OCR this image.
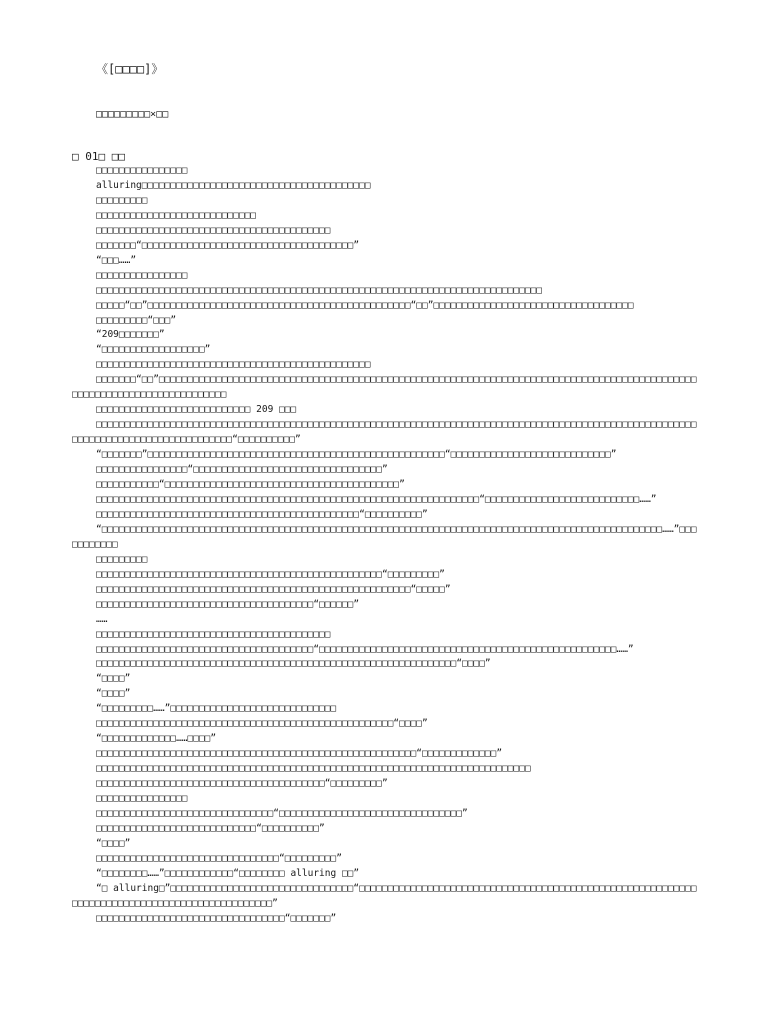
《[□□□□]》
□□□□□□□□□×□□
□ 01□ □□

□□□□□□□□□□□□□□□□

alluring□□□□□□□□□□□□□□□□□□□□□□□□□□□□□□□□□□□□□□□□

□□□□□□□□□

□□□□□□□□□□□□□□□□□□□□□□□□□□□□

□□□□□□□□□□□□□□□□□□□□□□□□□□□□□□□□□□□□□□□□□

□□□□□□□“□□□□□□□□□□□□□□□□□□□□□□□□□□□□□□□□□□□□□”

“□□□……”

□□□□□□□□□□□□□□□□

□□□□□□□□□□□□□□□□□□□□□□□□□□□□□□□□□□□□□□□□□□□□□□□□□□□□□□□□□□□□□□□□□□□□□□□□□□□□□□

□□□□□“□□”□□□□□□□□□□□□□□□□□□□□□□□□□□□□□□□□□□□□□□□□□□□□□□“□□”□□□□□□□□□□□□□□□□□□□□□□□□□□□□□□□□□□□

□□□□□□□□□“□□□”

“209□□□□□□□”

“□□□□□□□□□□□□□□□□□□”

□□□□□□□□□□□□□□□□□□□□□□□□□□□□□□□□□□□□□□□□□□□□□□□□

□□□□□□□“□□”□□□□□□□□□□□□□□□□□□□□□□□□□□□□□□□□□□□□□□□□□□□□□□□□□□□□□□□□□□□□□□□□□□□□□□□□□□□□□□□□□□□□□□□□□□□□□□□□□□□□□□□□□□□□□□□□□□□□□□□□□

□□□□□□□□□□□□□□□□□□□□□□□□□□□ 209 □□□

□□□□□□□□□□□□□□□□□□□□□□□□□□□□□□□□□□□□□□□□□□□□□□□□□□□□□□□□□□□□□□□□□□□□□□□□□□□□□□□□□□□□□□□□□□□□□□□□□□□□□□□□□□□□□□□□□□□□□□□□□□□□□□□□□□□□□“□□□□□□□□□□”

“□□□□□□□”□□□□□□□□□□□□□□□□□□□□□□□□□□□□□□□□□□□□□□□□□□□□□□□□□□□□“□□□□□□□□□□□□□□□□□□□□□□□□□□□□”

□□□□□□□□□□□□□□□□“□□□□□□□□□□□□□□□□□□□□□□□□□□□□□□□□□”

□□□□□□□□□□□“□□□□□□□□□□□□□□□□□□□□□□□□□□□□□□□□□□□□□□□□□”

□□□□□□□□□□□□□□□□□□□□□□□□□□□□□□□□□□□□□□□□□□□□□□□□□□□□□□□□□□□□□□□□□□□“□□□□□□□□□□□□□□□□□□□□□□□□□□□……”

□□□□□□□□□□□□□□□□□□□□□□□□□□□□□□□□□□□□□□□□□□□□□□“□□□□□□□□□□”

“□□□□□□□□□□□□□□□□□□□□□□□□□□□□□□□□□□□□□□□□□□□□□□□□□□□□□□□□□□□□□□□□□□□□□□□□□□□□□□□□□□□□□□□□□□□□□□□□□□……”□□□□□□□□□□□

□□□□□□□□□

□□□□□□□□□□□□□□□□□□□□□□□□□□□□□□□□□□□□□□□□□□□□□□□□□□“□□□□□□□□□”

□□□□□□□□□□□□□□□□□□□□□□□□□□□□□□□□□□□□□□□□□□□□□□□□□□□□□□□“□□□□□”

□□□□□□□□□□□□□□□□□□□□□□□□□□□□□□□□□□□□□□“□□□□□□”

……

□□□□□□□□□□□□□□□□□□□□□□□□□□□□□□□□□□□□□□□□□

□□□□□□□□□□□□□□□□□□□□□□□□□□□□□□□□□□□□□□“□□□□□□□□□□□□□□□□□□□□□□□□□□□□□□□□□□□□□□□□□□□□□□□□□□□□……”

□□□□□□□□□□□□□□□□□□□□□□□□□□□□□□□□□□□□□□□□□□□□□□□□□□□□□□□□□□□□□□□“□□□□”

“□□□□”

“□□□□”

“□□□□□□□□□……”□□□□□□□□□□□□□□□□□□□□□□□□□□□□□

□□□□□□□□□□□□□□□□□□□□□□□□□□□□□□□□□□□□□□□□□□□□□□□□□□□□“□□□□”

“□□□□□□□□□□□□□……□□□□”

□□□□□□□□□□□□□□□□□□□□□□□□□□□□□□□□□□□□□□□□□□□□□□□□□□□□□□□□“□□□□□□□□□□□□□”

□□□□□□□□□□□□□□□□□□□□□□□□□□□□□□□□□□□□□□□□□□□□□□□□□□□□□□□□□□□□□□□□□□□□□□□□□□□□

□□□□□□□□□□□□□□□□□□□□□□□□□□□□□□□□□□□□□□□□“□□□□□□□□□”

□□□□□□□□□□□□□□□□

□□□□□□□□□□□□□□□□□□□□□□□□□□□□□□□“□□□□□□□□□□□□□□□□□□□□□□□□□□□□□□□□”

□□□□□□□□□□□□□□□□□□□□□□□□□□□□“□□□□□□□□□□”

“□□□□”

□□□□□□□□□□□□□□□□□□□□□□□□□□□□□□□□“□□□□□□□□□”

“□□□□□□□□……”□□□□□□□□□□□□“□□□□□□□□ alluring □□”

“□ alluring□”□□□□□□□□□□□□□□□□□□□□□□□□□□□□□□□□“□□□□□□□□□□□□□□□□□□□□□□□□□□□□□□□□□□□□□□□□□□□□□□□□□□□□□□□□□□□□□□□□□□□□□□□□□□□□□□□□□□□□□□□□□□□□□□”

□□□□□□□□□□□□□□□□□□□□□□□□□□□□□□□□□“□□□□□□□”
